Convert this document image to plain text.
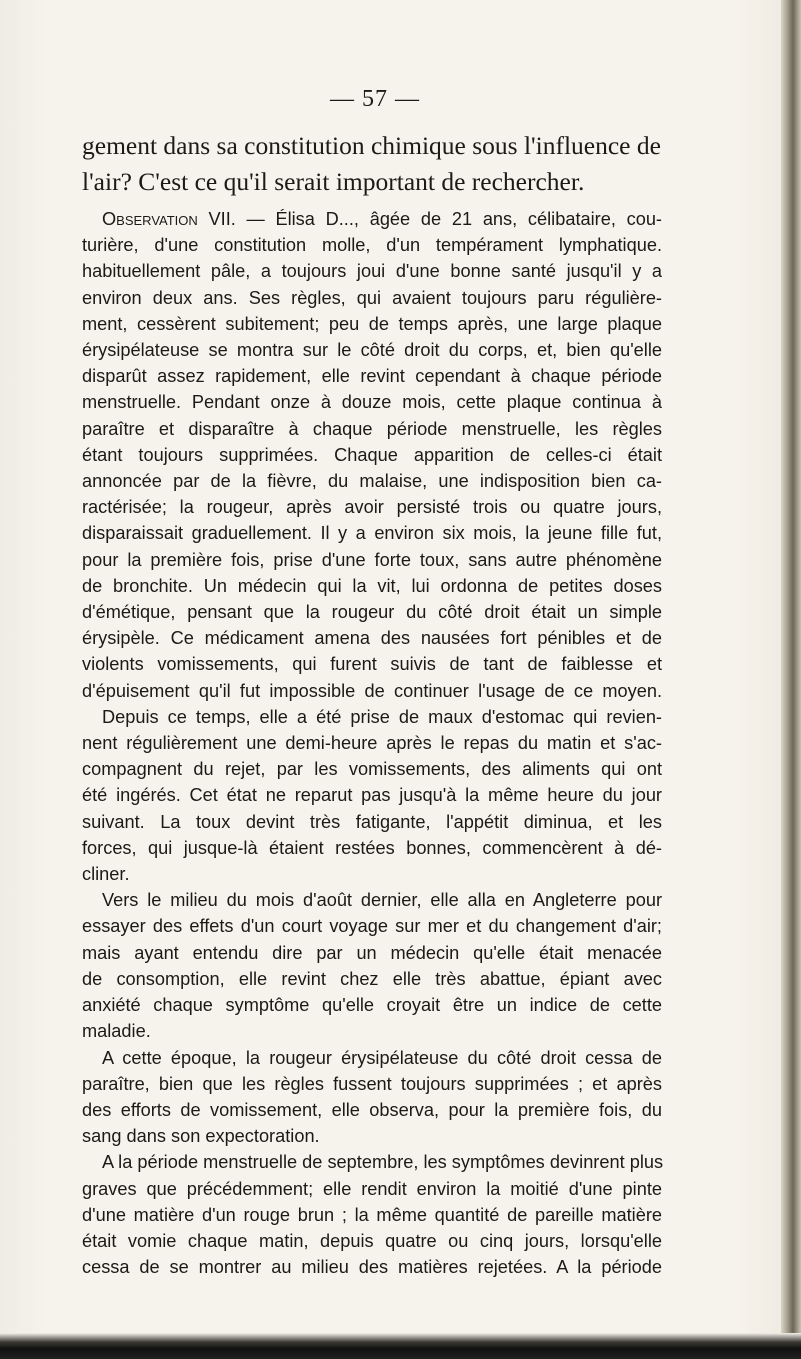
— 57 —

gement dans sa constitution chimique sous l'influence de
l'air? C'est ce qu'il serait important de rechercher.

Observation VII. — Élisa D..., âgée de 21 ans, célibataire, cou-
turière, d'une constitution molle, d'un tempérament lymphatique.
habituellement pâle, a toujours joui d'une bonne santé jusqu'il y a
environ deux ans. Ses règles, qui avaient toujours paru régulière-
ment, cessèrent subitement; peu de temps après, une large plaque
érysipélateuse se montra sur le côté droit du corps, et, bien qu'elle
disparût assez rapidement, elle revint cependant à chaque période
menstruelle. Pendant onze à douze mois, cette plaque continua à
paraître et disparaître à chaque période menstruelle, les règles
étant toujours supprimées. Chaque apparition de celles-ci était
annoncée par de la fièvre, du malaise, une indisposition bien ca-
ractérisée; la rougeur, après avoir persisté trois ou quatre jours,
disparaissait graduellement. Il y a environ six mois, la jeune fille fut,
pour la première fois, prise d'une forte toux, sans autre phénomène
de bronchite. Un médecin qui la vit, lui ordonna de petites doses
d'émétique, pensant que la rougeur du côté droit était un simple
érysipèle. Ce médicament amena des nausées fort pénibles et de
violents vomissements, qui furent suivis de tant de faiblesse et
d'épuisement qu'il fut impossible de continuer l'usage de ce moyen.
Depuis ce temps, elle a été prise de maux d'estomac qui revien-
nent régulièrement une demi-heure après le repas du matin et s'ac-
compagnent du rejet, par les vomissements, des aliments qui ont
été ingérés. Cet état ne reparut pas jusqu'à la même heure du jour
suivant. La toux devint très fatigante, l'appétit diminua, et les
forces, qui jusque-là étaient restées bonnes, commencèrent à dé-
cliner.
Vers le milieu du mois d'août dernier, elle alla en Angleterre pour
essayer des effets d'un court voyage sur mer et du changement d'air;
mais ayant entendu dire par un médecin qu'elle était menacée
de consomption, elle revint chez elle très abattue, épiant avec
anxiété chaque symptôme qu'elle croyait être un indice de cette
maladie.
A cette époque, la rougeur érysipélateuse du côté droit cessa de
paraître, bien que les règles fussent toujours supprimées ; et après
des efforts de vomissement, elle observa, pour la première fois, du
sang dans son expectoration.
A la période menstruelle de septembre, les symptômes devinrent plus
graves que précédemment; elle rendit environ la moitié d'une pinte
d'une matière d'un rouge brun ; la même quantité de pareille matière
était vomie chaque matin, depuis quatre ou cinq jours, lorsqu'elle
cessa de se montrer au milieu des matières rejetées. A la période
